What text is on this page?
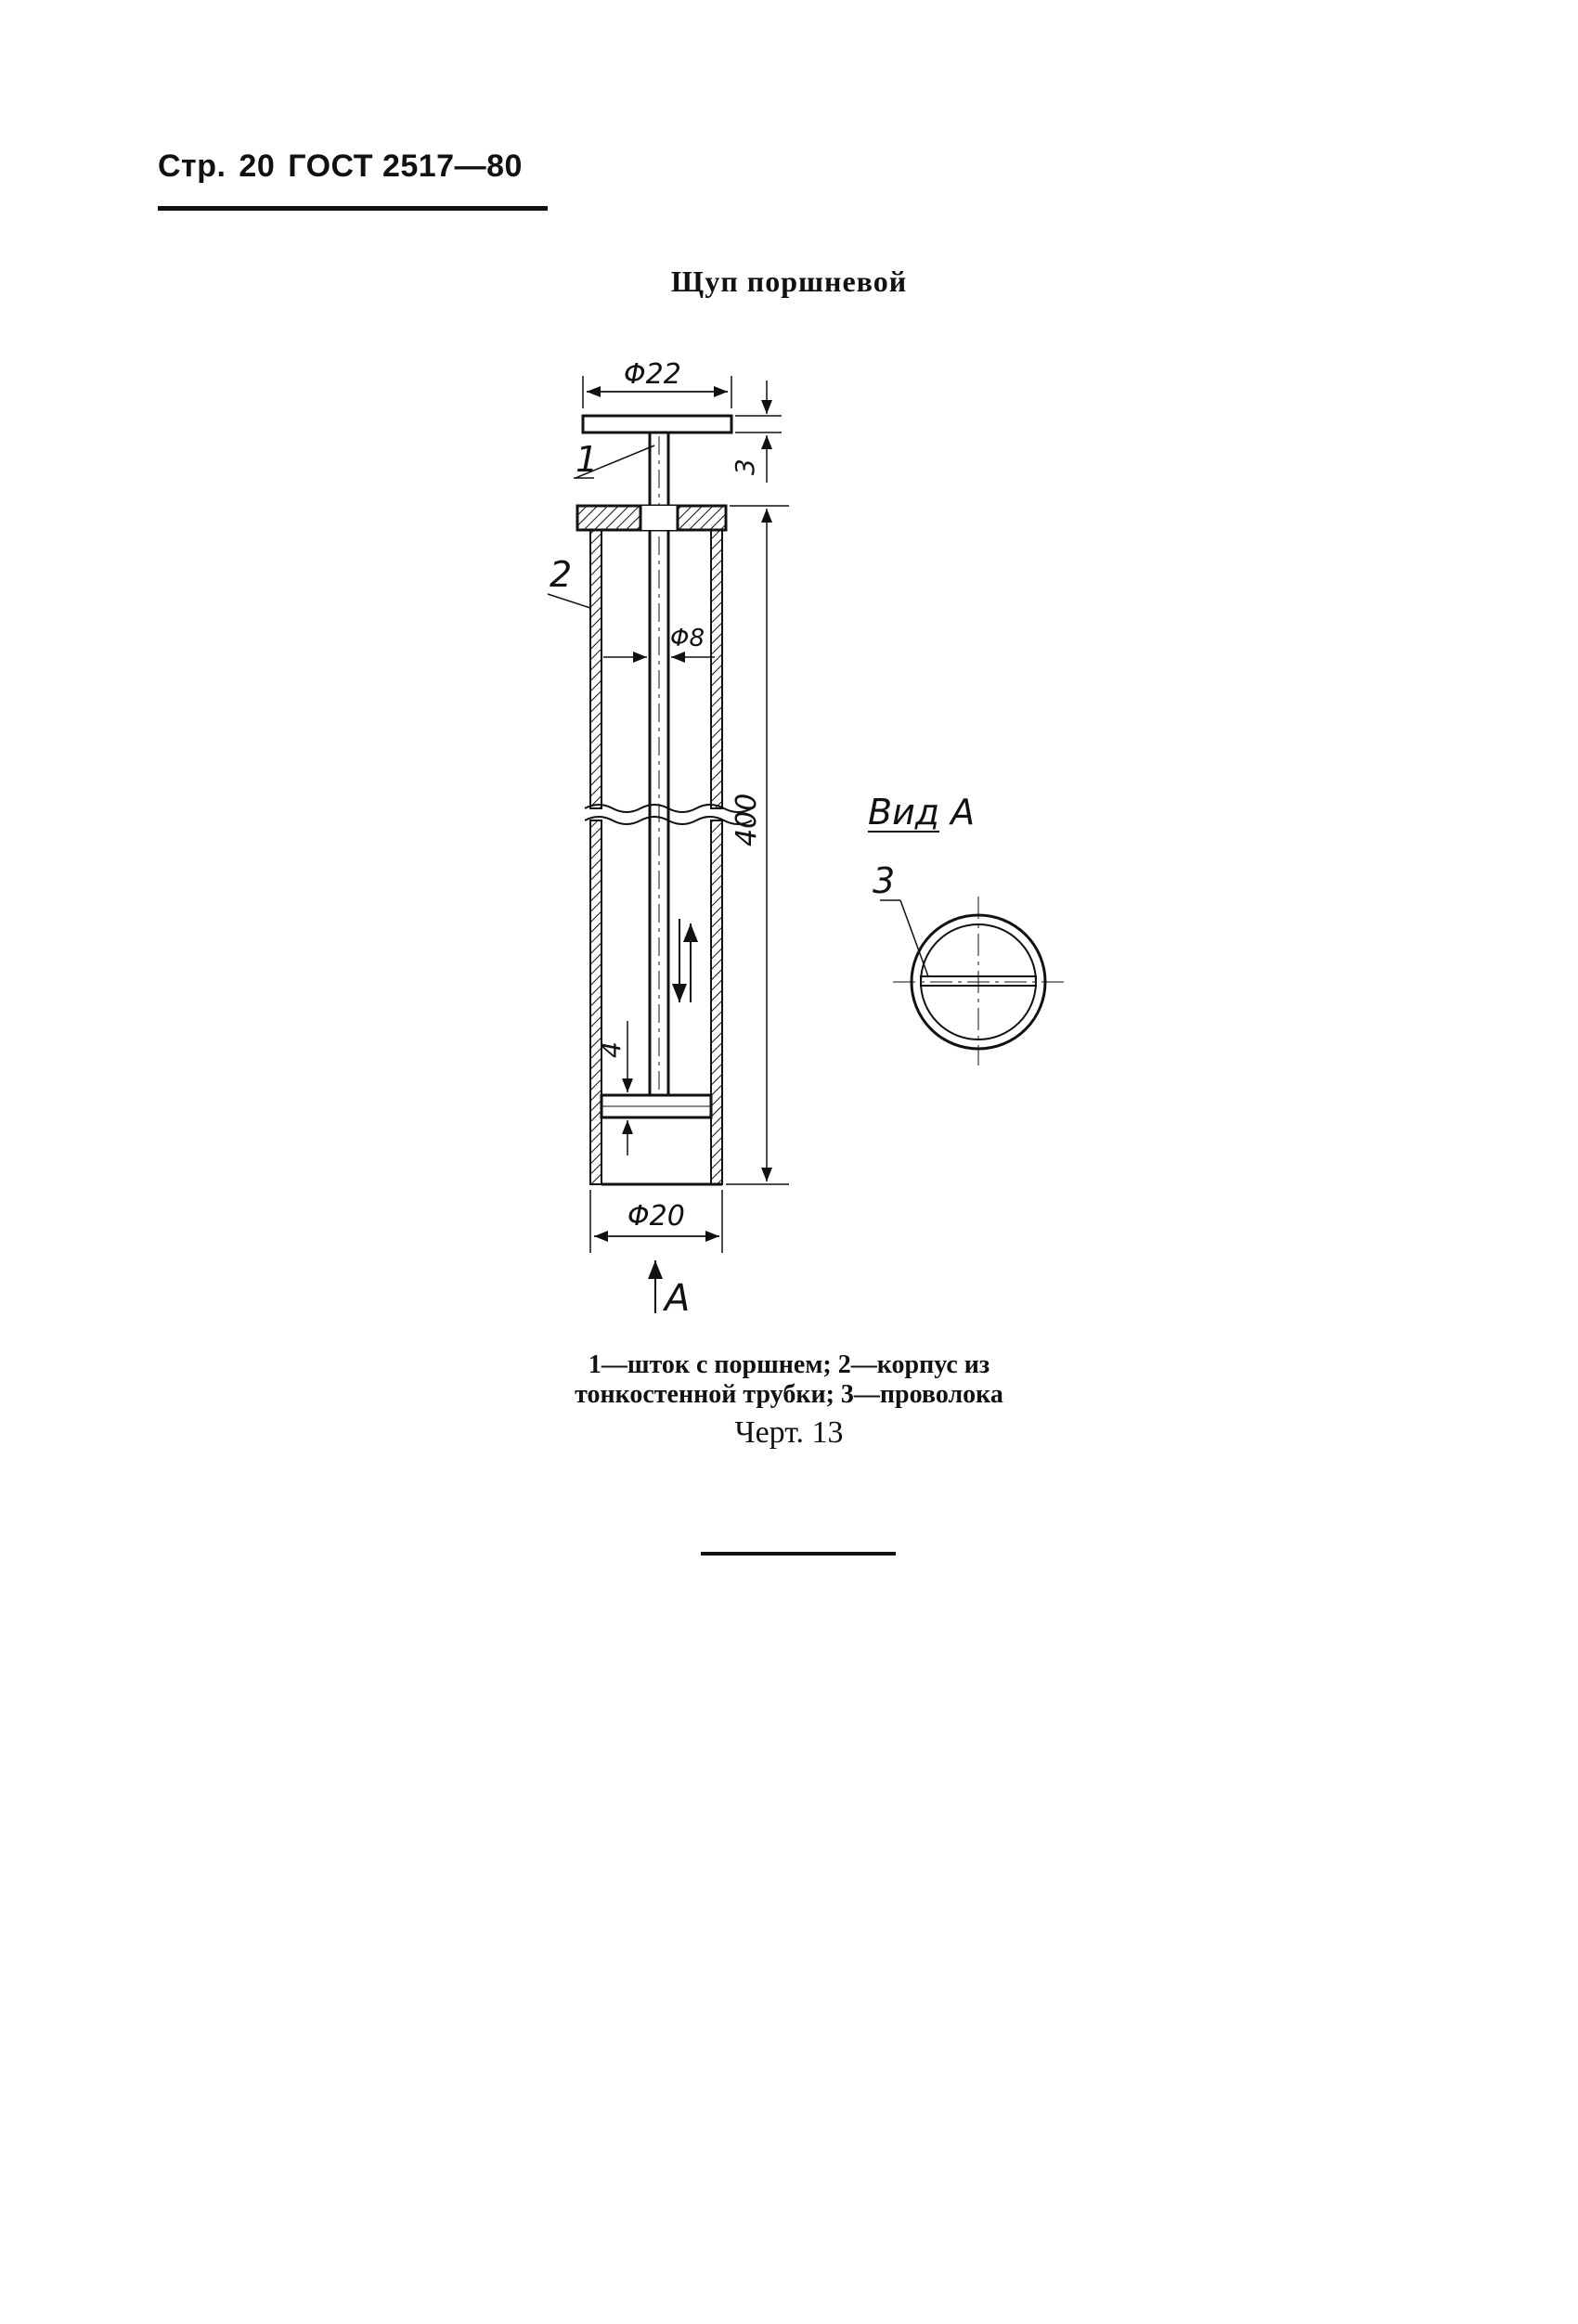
Стр. 20 ГОСТ 2517—80
Щуп поршневой
Φ22
3
400
Φ8
4
Φ20
A
1
2
Вид А
3
1—шток с поршнем; 2—корпус из
тонкостенной трубки; 3—проволока
Черт. 13
